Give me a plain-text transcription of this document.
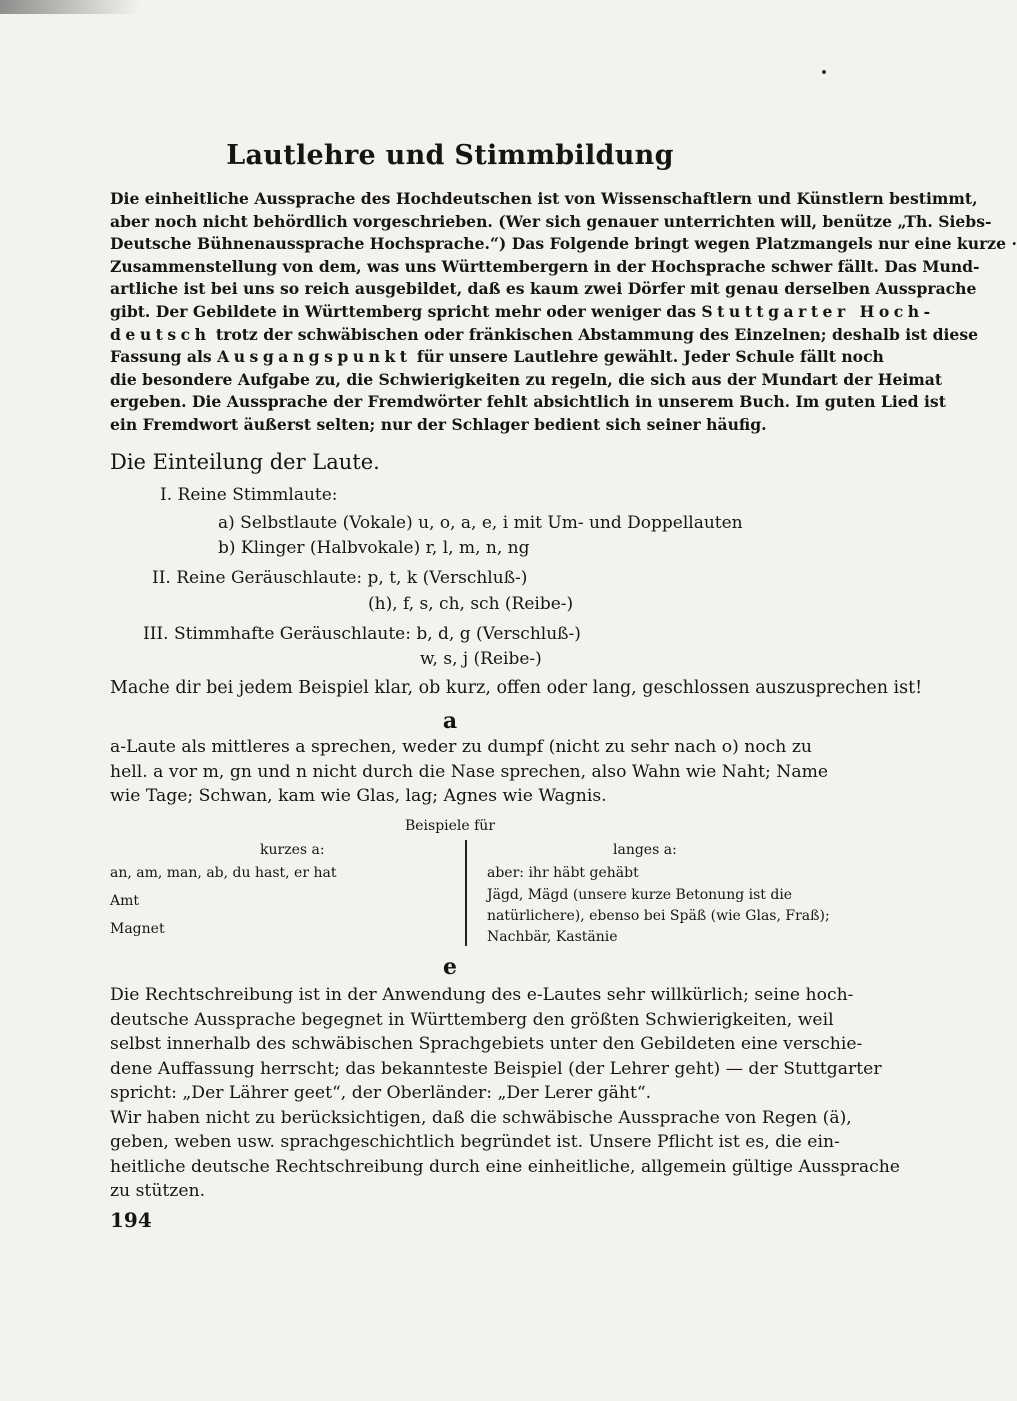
Lautlehre und Stimmbildung
Die einheitliche Aussprache des Hochdeutschen ist von Wissenschaftlern und Künstlern bestimmt,
aber noch nicht behördlich vorgeschrieben. (Wer sich genauer unterrichten will, benütze „Th. Siebs-
Deutsche Bühnenaussprache Hochsprache.“) Das Folgende bringt wegen Platzmangels nur eine kurze ·
Zusammenstellung von dem, was uns Württembergern in der Hochsprache schwer fällt. Das Mund-
artliche ist bei uns so reich ausgebildet, daß es kaum zwei Dörfer mit genau derselben Aussprache
gibt. Der Gebildete in Württemberg spricht mehr oder weniger das Stuttgarter Hoch-
deutsch trotz der schwäbischen oder fränkischen Abstammung des Einzelnen; deshalb ist diese
Fassung als Ausgangspunkt für unsere Lautlehre gewählt. Jeder Schule fällt noch
die besondere Aufgabe zu, die Schwierigkeiten zu regeln, die sich aus der Mundart der Heimat
ergeben. Die Aussprache der Fremdwörter fehlt absichtlich in unserem Buch. Im guten Lied ist
ein Fremdwort äußerst selten; nur der Schlager bedient sich seiner häufig.
Die Einteilung der Laute.
I. Reine Stimmlaute:
a) Selbstlaute (Vokale) u, o, a, e, i mit Um- und Doppellauten
b) Klinger (Halbvokale) r, l, m, n, ng
II. Reine Geräuschlaute: p, t, k (Verschluß-)
(h), f, s, ch, sch (Reibe-)
III. Stimmhafte Geräuschlaute: b, d, g (Verschluß-)
w, s, j (Reibe-)
Mache dir bei jedem Beispiel klar, ob kurz, offen oder lang, geschlossen auszusprechen ist!
a
a-Laute als mittleres a sprechen, weder zu dumpf (nicht zu sehr nach o) noch zu
hell. a vor m, gn und n nicht durch die Nase sprechen, also Wahn wie Naht; Name
wie Tage; Schwan, kam wie Glas, lag; Agnes wie Wagnis.
Beispiele für
kurzes a:
an, am, man, ab, du hast, er hat
Amt
Magnet
langes a:
aber: ihr häbt gehäbt
Jägd, Mägd (unsere kurze Betonung ist die
natürlichere), ebenso bei Späß (wie Glas, Fraß);
Nachbär, Kastänie
e
Die Rechtschreibung ist in der Anwendung des e-Lautes sehr willkürlich; seine hoch-
deutsche Aussprache begegnet in Württemberg den größten Schwierigkeiten, weil
selbst innerhalb des schwäbischen Sprachgebiets unter den Gebildeten eine verschie-
dene Auffassung herrscht; das bekannteste Beispiel (der Lehrer geht) — der Stuttgarter
spricht: „Der Lährer geet“, der Oberländer: „Der Lerer gäht“.
Wir haben nicht zu berücksichtigen, daß die schwäbische Aussprache von Regen (ä),
geben, weben usw. sprachgeschichtlich begründet ist. Unsere Pflicht ist es, die ein-
heitliche deutsche Rechtschreibung durch eine einheitliche, allgemein gültige Aussprache
zu stützen.
194
